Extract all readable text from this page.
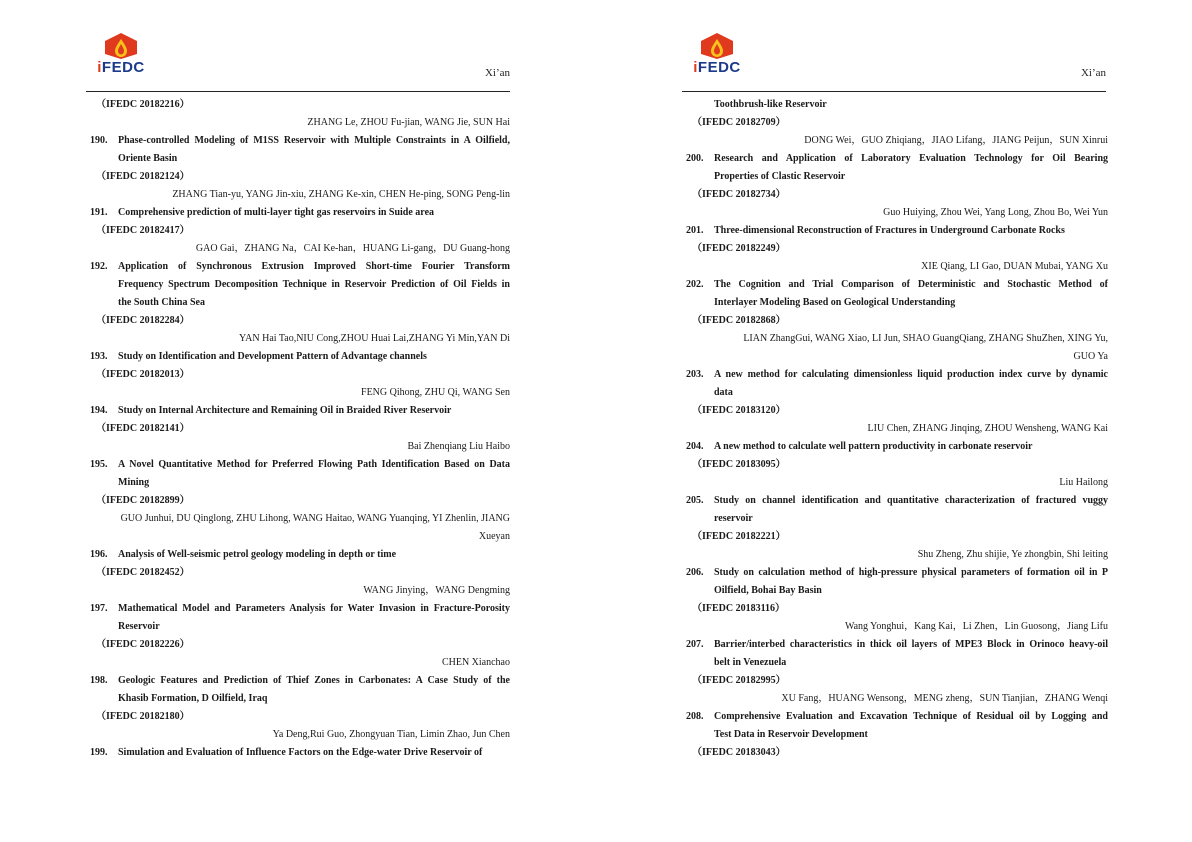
iFEDC	Xi’an
（IFEDC 20182216）
ZHANG Le, ZHOU Fu-jian, WANG Jie, SUN Hai
190.	Phase-controlled Modeling of M1SS Reservoir with Multiple Constraints in A Oilfield,
Oriente Basin
（IFEDC 20182124）
ZHANG Tian-yu, YANG Jin-xiu, ZHANG Ke-xin, CHEN He-ping, SONG Peng-lin
191.	Comprehensive prediction of multi-layer tight gas reservoirs in Suide area
（IFEDC 20182417）
GAO Gai，ZHANG Na，CAI Ke-han，HUANG Li-gang，DU Guang-hong
192.	Application of Synchronous Extrusion Improved Short-time Fourier Transform
Frequency Spectrum Decomposition Technique in Reservoir Prediction of Oil Fields in
the South China Sea
（IFEDC 20182284）
YAN Hai Tao,NIU Cong,ZHOU Huai Lai,ZHANG Yi Min,YAN Di
193.	Study on Identification and Development Pattern of Advantage channels
（IFEDC 20182013）
FENG Qihong, ZHU Qi, WANG Sen
194.	Study on Internal Architecture and Remaining Oil in Braided River Reservoir
（IFEDC 20182141）
Bai Zhenqiang Liu Haibo
195.	A Novel Quantitative Method for Preferred Flowing Path Identification Based on Data
Mining
（IFEDC 20182899）
GUO Junhui, DU Qinglong, ZHU Lihong, WANG Haitao, WANG Yuanqing, YI Zhenlin, JIANG
Xueyan
196.	Analysis of Well-seismic petrol geology modeling in depth or time
（IFEDC 20182452）
WANG Jinying，WANG Dengming
197.	Mathematical Model and Parameters Analysis for Water Invasion in Fracture-Porosity
Reservoir
（IFEDC 20182226）
CHEN Xianchao
198.	Geologic Features and Prediction of Thief Zones in Carbonates: A Case Study of the
Khasib Formation, D Oilfield, Iraq
（IFEDC 20182180）
Ya Deng,Rui Guo, Zhongyuan Tian, Limin Zhao, Jun Chen
199.	Simulation and Evaluation of Influence Factors on the Edge-water Drive Reservoir of
iFEDC	Xi’an
Toothbrush-like Reservoir
（IFEDC 20182709）
DONG Wei，GUO Zhiqiang，JIAO Lifang，JIANG Peijun，SUN Xinrui
200.	Research and Application of Laboratory Evaluation Technology for Oil Bearing
Properties of Clastic Reservoir
（IFEDC 20182734）
Guo Huiying, Zhou Wei, Yang Long, Zhou Bo, Wei Yun
201.	Three-dimensional Reconstruction of Fractures in Underground Carbonate Rocks
（IFEDC 20182249）
XIE Qiang, LI Gao, DUAN Mubai, YANG Xu
202.	The Cognition and Trial Comparison of Deterministic and Stochastic Method of
Interlayer Modeling Based on Geological Understanding
（IFEDC 20182868）
LIAN ZhangGui, WANG Xiao, LI Jun, SHAO GuangQiang, ZHANG ShuZhen, XING Yu,
GUO Ya
203.	A new method for calculating dimensionless liquid production index curve by dynamic
data
（IFEDC 20183120）
LIU Chen, ZHANG Jinqing, ZHOU Wensheng, WANG Kai
204.	A new method to calculate well pattern productivity in carbonate reservoir
（IFEDC 20183095）
Liu Hailong
205.	Study on channel identification and quantitative characterization of fractured vuggy
reservoir
（IFEDC 20182221）
Shu Zheng, Zhu shijie, Ye zhongbin, Shi leiting
206.	Study on calculation method of high-pressure physical parameters of formation oil in P
Oilfield, Bohai Bay Basin
（IFEDC 20183116）
Wang Yonghui，Kang Kai，Li Zhen，Lin Guosong，Jiang Lifu
207.	Barrier/interbed characteristics in thick oil layers of MPE3 Block in Orinoco heavy-oil
belt in Venezuela
（IFEDC 20182995）
XU Fang，HUANG Wensong，MENG zheng，SUN Tianjian，ZHANG Wenqi
208.	Comprehensive Evaluation and Excavation Technique of Residual oil by Logging and
Test Data in Reservoir Development
（IFEDC 20183043）
